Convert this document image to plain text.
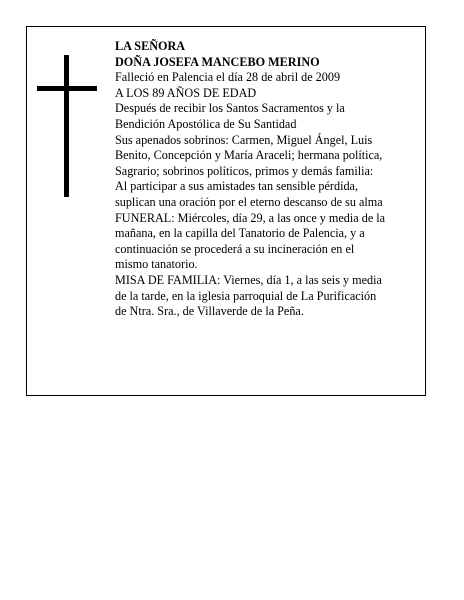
LA SEÑORA
DOÑA JOSEFA MANCEBO MERINO
Falleció en Palencia el día 28 de abril de 2009
A LOS 89 AÑOS DE EDAD
Después de recibir los Santos Sacramentos y la
Bendición Apostólica de Su Santidad
Sus apenados sobrinos: Carmen, Miguel Ángel, Luis
Benito, Concepción y María Araceli; hermana política,
Sagrario; sobrinos políticos, primos y demás familia:
Al participar a sus amistades tan sensible pérdida,
suplican una oración por el eterno descanso de su alma
FUNERAL: Miércoles, día 29, a las once y media de la
mañana, en la capilla del Tanatorio de Palencia, y a
continuación se procederá a su incineración en el
mismo tanatorio.
MISA DE FAMILIA: Viernes, día 1, a las seis y media
de la tarde, en la iglesia parroquial de La Purificación
de Ntra. Sra., de Villaverde de la Peña.
